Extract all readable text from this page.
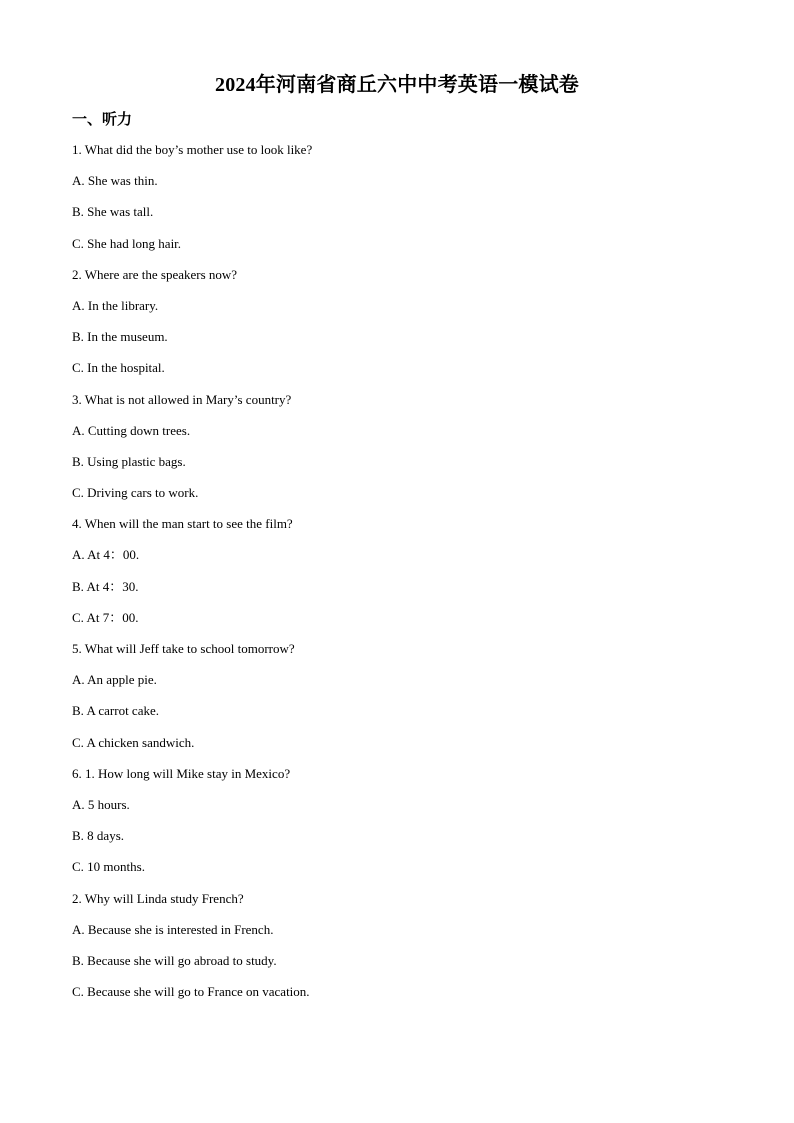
2024年河南省商丘六中中考英语一模试卷
一、听力
1. What did the boy’s mother use to look like?
A. She was thin.
B. She was tall.
C. She had long hair.
2. Where are the speakers now?
A. In the library.
B. In the museum.
C. In the hospital.
3. What is not allowed in Mary’s country?
A. Cutting down trees.
B. Using plastic bags.
C. Driving cars to work.
4. When will the man start to see the film?
A. At 4：00.
B. At 4：30.
C. At 7：00.
5. What will Jeff take to school tomorrow?
A. An apple pie.
B. A carrot cake.
C. A chicken sandwich.
6. 1. How long will Mike stay in Mexico?
A. 5 hours.
B. 8 days.
C. 10 months.
2. Why will Linda study French?
A. Because she is interested in French.
B. Because she will go abroad to study.
C. Because she will go to France on vacation.
